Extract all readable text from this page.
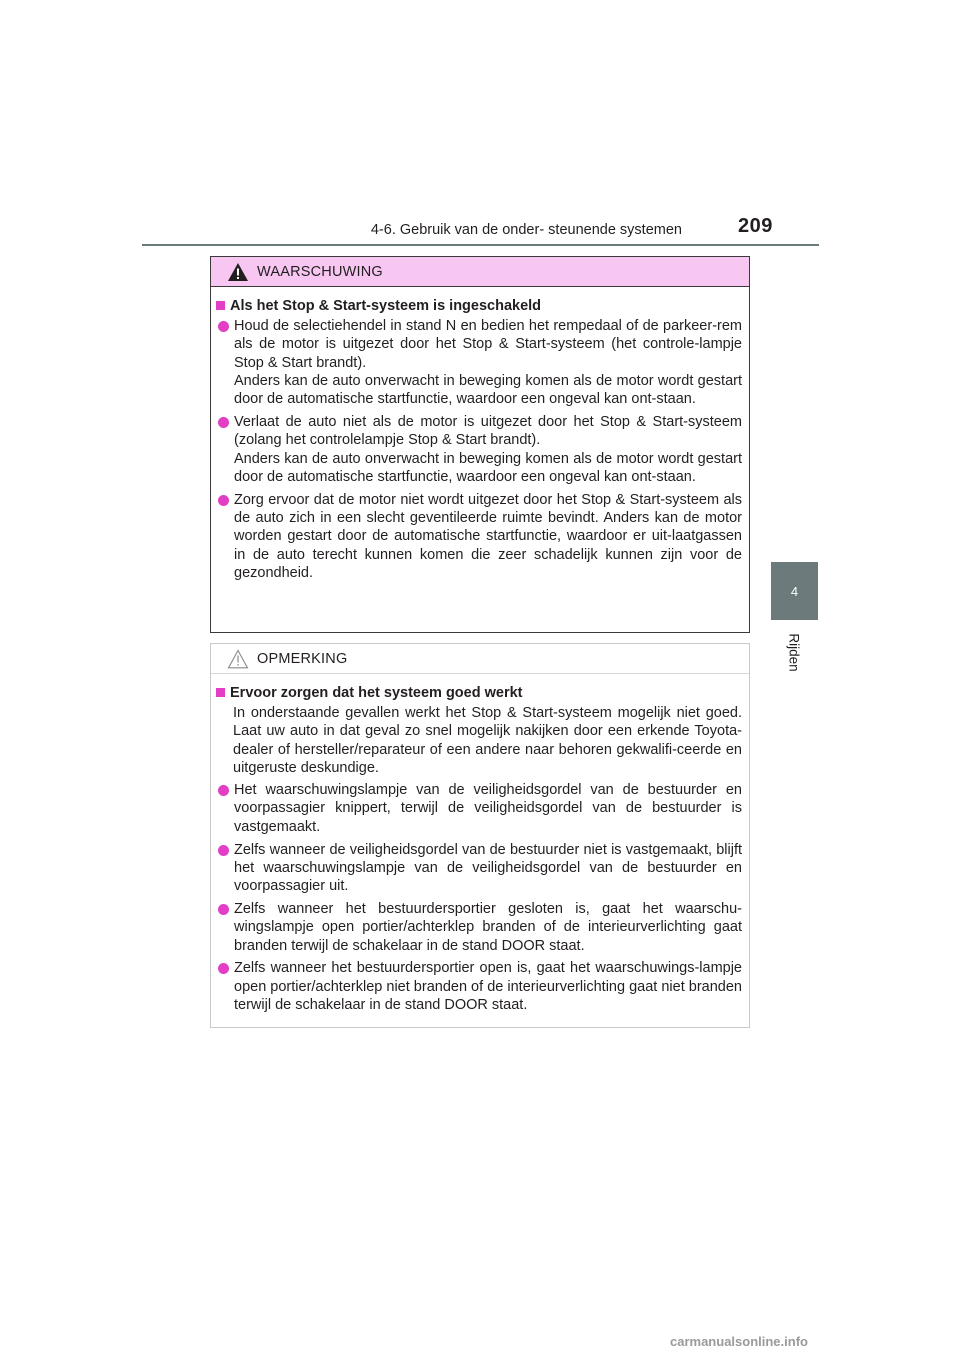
4-6. Gebruik van de onder- steunende systemen	209
4
Rijden
WAARSCHUWING
Als het Stop & Start-systeem is ingeschakeld

Houd de selectiehendel in stand N en bedien het rempedaal of de parkeer-rem als de motor is uitgezet door het Stop & Start-systeem (het controle-lampje Stop & Start brandt).

Anders kan de auto onverwacht in beweging komen als de motor wordt gestart door de automatische startfunctie, waardoor een ongeval kan ont-staan.

Verlaat de auto niet als de motor is uitgezet door het Stop & Start-systeem (zolang het controlelampje Stop & Start brandt).

Anders kan de auto onverwacht in beweging komen als de motor wordt gestart door de automatische startfunctie, waardoor een ongeval kan ont-staan.

Zorg ervoor dat de motor niet wordt uitgezet door het Stop & Start-systeem als de auto zich in een slecht geventileerde ruimte bevindt. Anders kan de motor worden gestart door de automatische startfunctie, waardoor er uit-laatgassen in de auto terecht kunnen komen die zeer schadelijk kunnen zijn voor de gezondheid.

OPMERKING
Ervoor zorgen dat het systeem goed werkt
In onderstaande gevallen werkt het Stop & Start-systeem mogelijk niet goed. Laat uw auto in dat geval zo snel mogelijk nakijken door een erkende Toyota-dealer of hersteller/reparateur of een andere naar behoren gekwalifi-ceerde en uitgeruste deskundige.
Het waarschuwingslampje van de veiligheidsgordel van de bestuurder en voorpassagier knippert, terwijl de veiligheidsgordel van de bestuurder is vastgemaakt.
Zelfs wanneer de veiligheidsgordel van de bestuurder niet is vastgemaakt, blijft het waarschuwingslampje van de veiligheidsgordel van de bestuurder en voorpassagier uit.
Zelfs wanneer het bestuurdersportier gesloten is, gaat het waarschu-wingslampje open portier/achterklep branden of de interieurverlichting gaat branden terwijl de schakelaar in de stand DOOR staat.
Zelfs wanneer het bestuurdersportier open is, gaat het waarschuwings-lampje open portier/achterklep niet branden of de interieurverlichting gaat niet branden terwijl de schakelaar in de stand DOOR staat.
carmanualsonline.info
